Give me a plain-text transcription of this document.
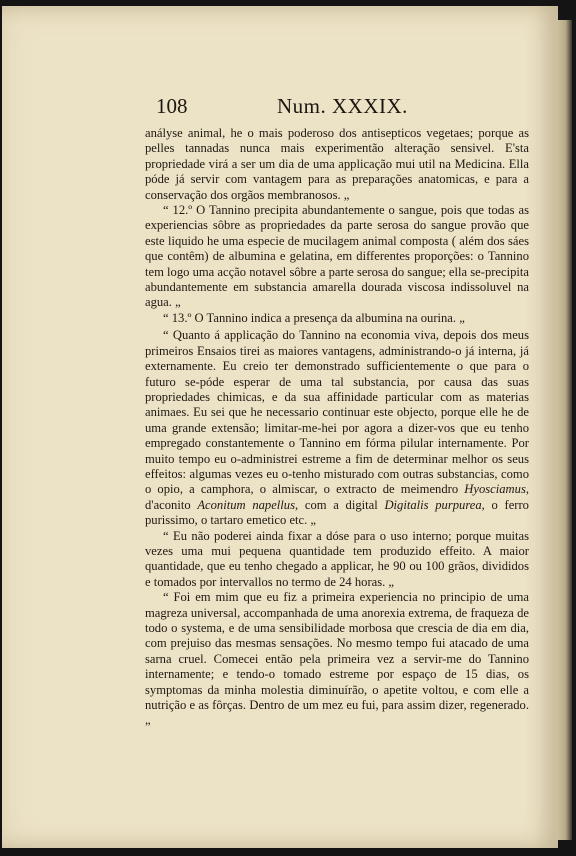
108	Num. XXXIX.

anályse animal, he o mais poderoso dos antisepticos vegetaes; porque as pelles tannadas nunca mais experimentão alteração sensivel. E'sta propriedade virá a ser um dia de uma applicação mui util na Medicina. Ella póde já servir com vantagem para as preparações anatomicas, e para a conservação dos orgãos membranosos. „

“ 12.º O Tannino precipita abundantemente o sangue, pois que todas as experiencias sôbre as propriedades da parte serosa do sangue provão que este liquido he uma especie de mucilagem animal composta ( além dos sáes que contêm) de albumina e gelatina, em differentes proporções: o Tannino tem logo uma acção notavel sôbre a parte serosa do sangue; ella se-precipita abundantemente em substancia amarella dourada viscosa indissoluvel na agua. „

“ 13.º O Tannino indica a presença da albumina na ourina. „

“ Quanto á applicação do Tannino na economia viva, depois dos meus primeiros Ensaios tirei as maiores vantagens, administrando-o já interna, já externamente. Eu creio ter demonstrado sufficientemente o que para o futuro se-póde esperar de uma tal substancia, por causa das suas propriedades chimicas, e da sua affinidade particular com as materias animaes. Eu sei que he necessario continuar este objecto, porque elle he de uma grande extensão; limitar-me-hei por agora a dizer-vos que eu tenho empregado constantemente o Tannino em fórma pilular internamente. Por muito tempo eu o-administrei estreme a fim de determinar melhor os seus effeitos: algumas vezes eu o-tenho misturado com outras substancias, como o opio, a camphora, o almiscar, o extracto de meimendro Hyosciamus, d'aconito Aconitum napellus, com a digital Digitalis purpurea, o ferro purissimo, o tartaro emetico etc. „

“ Eu não poderei ainda fixar a dóse para o uso interno; porque muitas vezes uma mui pequena quantidade tem produzido effeito. A maior quantidade, que eu tenho chegado a applicar, he 90 ou 100 grãos, divididos e tomados por intervallos no termo de 24 horas. „

“ Foi em mim que eu fiz a primeira experiencia no principio de uma magreza universal, accompanhada de uma anorexia extrema, de fraqueza de todo o systema, e de uma sensibilidade morbosa que crescia de dia em dia, com prejuiso das mesmas sensações. No mesmo tempo fui atacado de uma sarna cruel. Comecei então pela primeira vez a servir-me do Tannino internamente; e tendo-o tomado estreme por espaço de 15 dias, os symptomas da minha molestia diminuírão, o apetite voltou, e com elle a nutrição e as fôrças. Dentro de um mez eu fui, para assim dizer, regenerado. „
